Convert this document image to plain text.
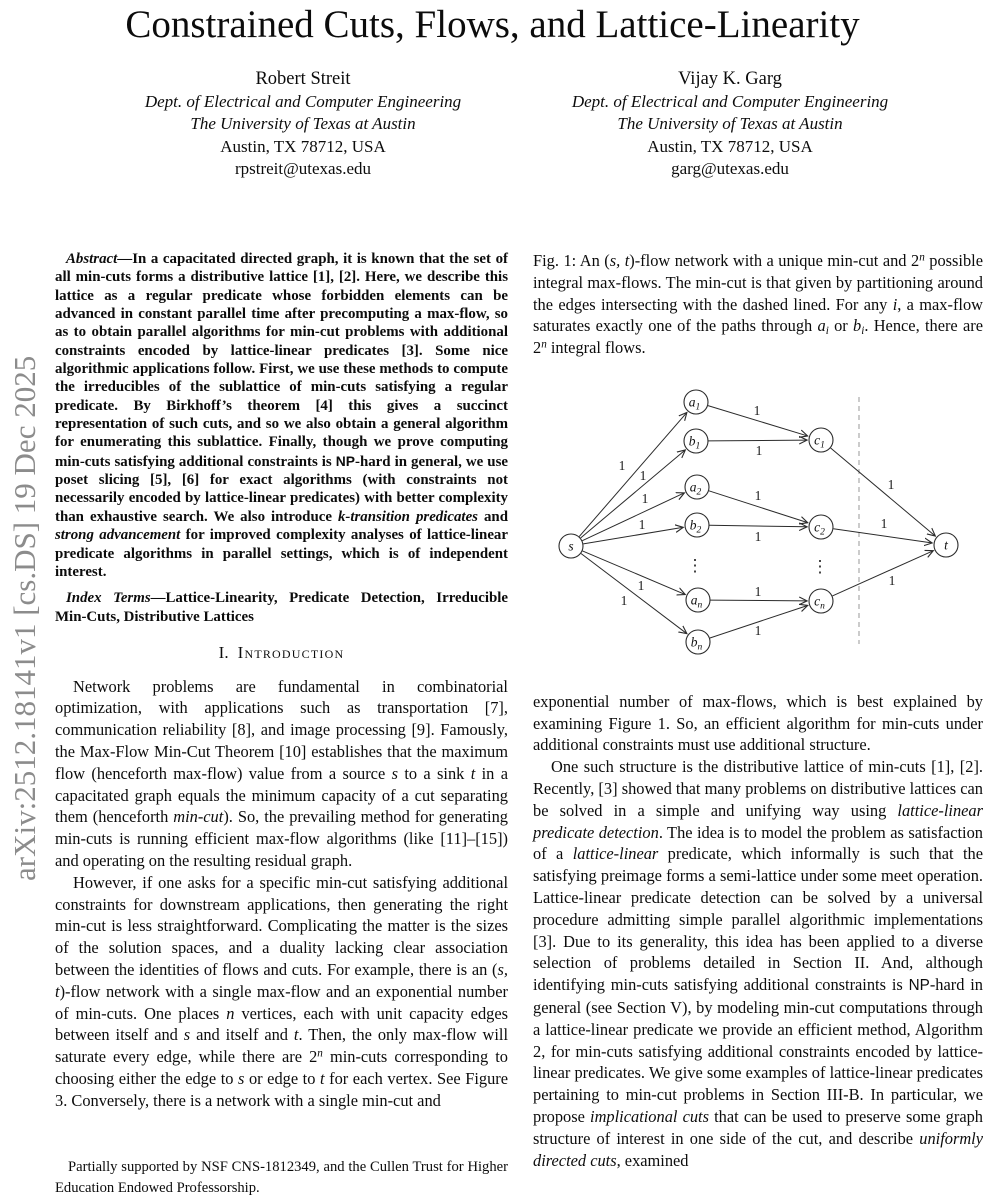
arXiv:2512.18141v1 [cs.DS] 19 Dec 2025
Constrained Cuts, Flows, and Lattice-Linearity
Robert Streit
Dept. of Electrical and Computer Engineering
The University of Texas at Austin
Austin, TX 78712, USA
rpstreit@utexas.edu
Vijay K. Garg
Dept. of Electrical and Computer Engineering
The University of Texas at Austin
Austin, TX 78712, USA
garg@utexas.edu

Abstract—In a capacitated directed graph, it is known that the set of all min-cuts forms a distributive lattice [1], [2]. Here, we describe this lattice as a regular predicate whose forbidden elements can be advanced in constant parallel time after precomputing a max-flow, so as to obtain parallel algorithms for min-cut problems with additional constraints encoded by lattice-linear predicates [3]. Some nice algorithmic applications follow. First, we use these methods to compute the irreducibles of the sublattice of min-cuts satisfying a regular predicate. By Birkhoff’s theorem [4] this gives a succinct representation of such cuts, and so we also obtain a general algorithm for enumerating this sublattice. Finally, though we prove computing min-cuts satisfying additional constraints is NP-hard in general, we use poset slicing [5], [6] for exact algorithms (with constraints not necessarily encoded by lattice-linear predicates) with better complexity than exhaustive search. We also introduce k-transition predicates and strong advancement for improved complexity analyses of lattice-linear predicate algorithms in parallel settings, which is of independent interest.

Index Terms—Lattice-Linearity, Predicate Detection, Irreducible Min-Cuts, Distributive Lattices

I. Introduction

Network problems are fundamental in combinatorial optimization, with applications such as transportation [7], communication reliability [8], and image processing [9]. Famously, the Max-Flow Min-Cut Theorem [10] establishes that the maximum flow (henceforth max-flow) value from a source s to a sink t in a capacitated graph equals the minimum capacity of a cut separating them (henceforth min-cut). So, the prevailing method for generating min-cuts is running efficient max-flow algorithms (like [11]–[15]) and operating on the resulting residual graph.

However, if one asks for a specific min-cut satisfying additional constraints for downstream applications, then generating the right min-cut is less straightforward. Complicating the matter is the sizes of the solution spaces, and a duality lacking clear association between the identities of flows and cuts. For example, there is an (s, t)-flow network with a single max-flow and an exponential number of min-cuts. One places n vertices, each with unit capacity edges between itself and s and itself and t. Then, the only max-flow will saturate every edge, while there are 2$^n$ min-cuts corresponding to choosing either the edge to s or edge to t for each vertex. See Figure 3. Conversely, there is a network with a single min-cut and

Fig. 1: An (s, t)-flow network with a unique min-cut and 2$^n$ possible integral max-flows. The min-cut is that given by partitioning around the edges intersecting with the dashed lined. For any i, a max-flow saturates exactly one of the paths through ai or bi. Hence, there are 2$^n$ integral flows.

1
1
1
1
1
1
1
1
1
1
1
1
1
1
1
⋮	⋮
s
$a_1$
$b_1$
$a_2$
$b_2$
$a_n$
$b_n$
$c_1$
$c_2$
$c_n$
t

exponential number of max-flows, which is best explained by examining Figure 1. So, an efficient algorithm for min-cuts under additional constraints must use additional structure.

One such structure is the distributive lattice of min-cuts [1], [2]. Recently, [3] showed that many problems on distributive lattices can be solved in a simple and unifying way using lattice-linear predicate detection. The idea is to model the problem as satisfaction of a lattice-linear predicate, which informally is such that the satisfying preimage forms a semi-lattice under some meet operation. Lattice-linear predicate detection can be solved by a universal procedure admitting simple parallel algorithmic implementations [3]. Due to its generality, this idea has been applied to a diverse selection of problems detailed in Section II. And, although identifying min-cuts satisfying additional constraints is NP-hard in general (see Section V), by modeling min-cut computations through a lattice-linear predicate we provide an efficient method, Algorithm 2, for min-cuts satisfying additional constraints encoded by lattice-linear predicates. We give some examples of lattice-linear predicates pertaining to min-cut problems in Section III-B. In particular, we propose implicational cuts that can be used to preserve some graph structure of interest in one side of the cut, and describe uniformly directed cuts, examined

Partially supported by NSF CNS-1812349, and the Cullen Trust for Higher Education Endowed Professorship.
